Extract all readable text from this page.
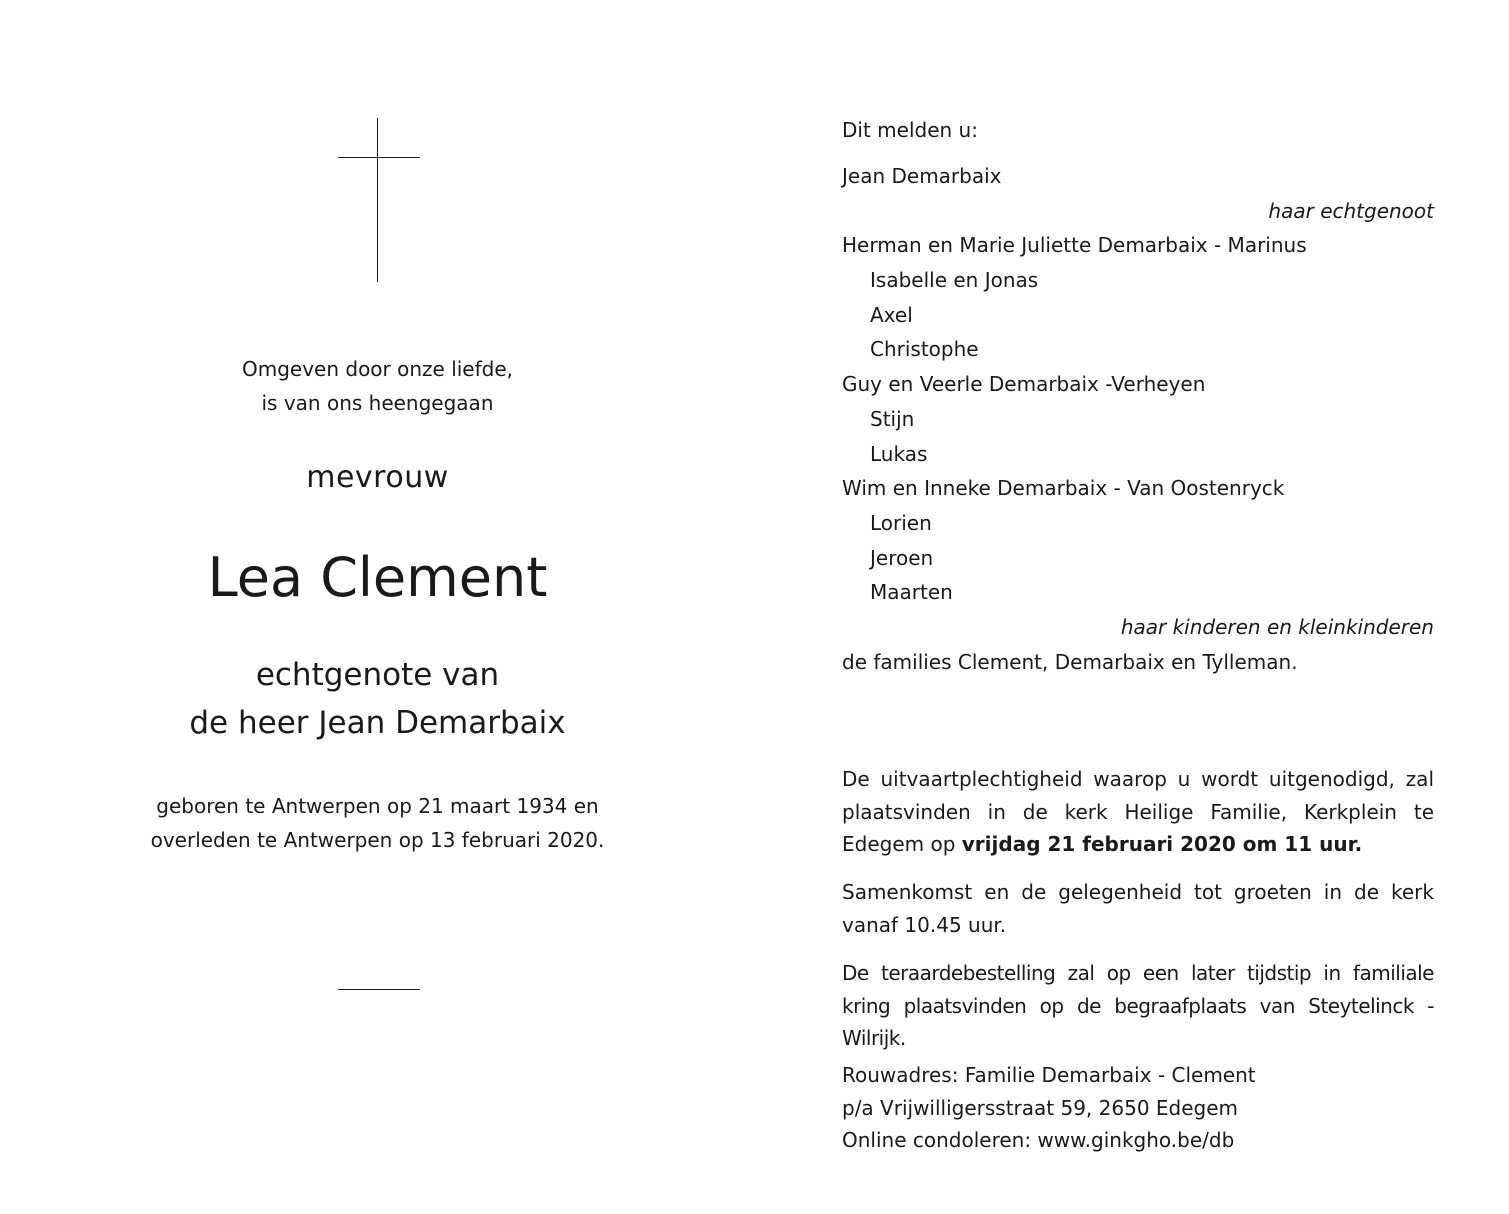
Omgeven door onze liefde,
is van ons heengegaan
mevrouw
Lea Clement
echtgenote van
de heer Jean Demarbaix
geboren te Antwerpen op 21 maart 1934 en
overleden te Antwerpen op 13 februari 2020.
Dit melden u:
Jean Demarbaix
haar echtgenoot
Herman en Marie Juliette Demarbaix - Marinus
Isabelle en Jonas
Axel
Christophe
Guy en Veerle Demarbaix -Verheyen
Stijn
Lukas
Wim en Inneke Demarbaix - Van Oostenryck
Lorien
Jeroen
Maarten
haar kinderen en kleinkinderen
de families Clement, Demarbaix en Tylleman.

De uitvaartplechtigheid waarop u wordt uitgenodigd, zal plaatsvinden in de kerk Heilige Familie, Kerkplein te Edegem op vrijdag 21 februari 2020 om 11 uur.

Samenkomst en de gelegenheid tot groeten in de kerk vanaf 10.45 uur.

De teraardebestelling zal op een later tijdstip in familiale kring plaatsvinden op de begraafplaats van Steytelinck - Wilrijk.

Rouwadres: Familie Demarbaix - Clement
p/a Vrijwilligersstraat 59, 2650 Edegem
Online condoleren: www.ginkgho.be/db
